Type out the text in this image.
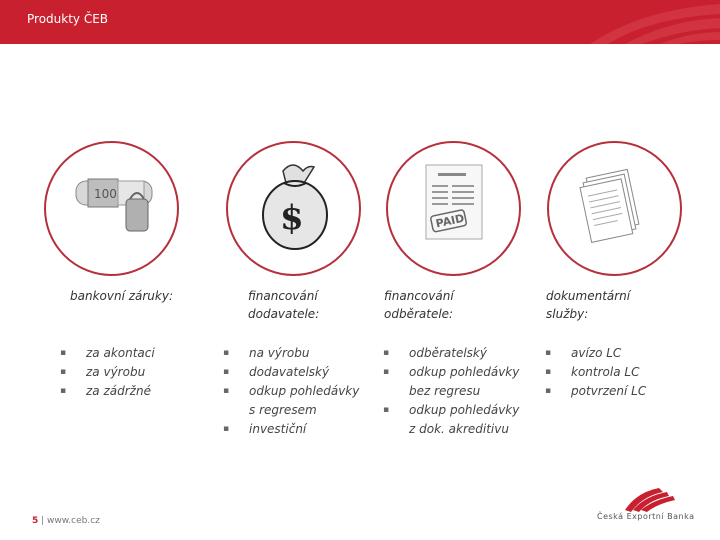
Produkty ČEB
100
$	PAID
bankovní záruky:	financování
dodavatele:
financování
odběratele:
dokumentární
služby:
▪ za akontaci
▪ za výrobu
▪ za zádržné
▪ na výrobu
▪ dodavatelský
▪ odkup pohledávky
s regresem
▪ investiční
▪ odběratelský
▪ odkup pohledávky
bez regresu
▪ odkup pohledávky
z dok. akreditivu
▪ avízo LC
▪ kontrola LC
▪ potvrzení LC
5 | www.ceb.cz	Česká Exportní Banka
